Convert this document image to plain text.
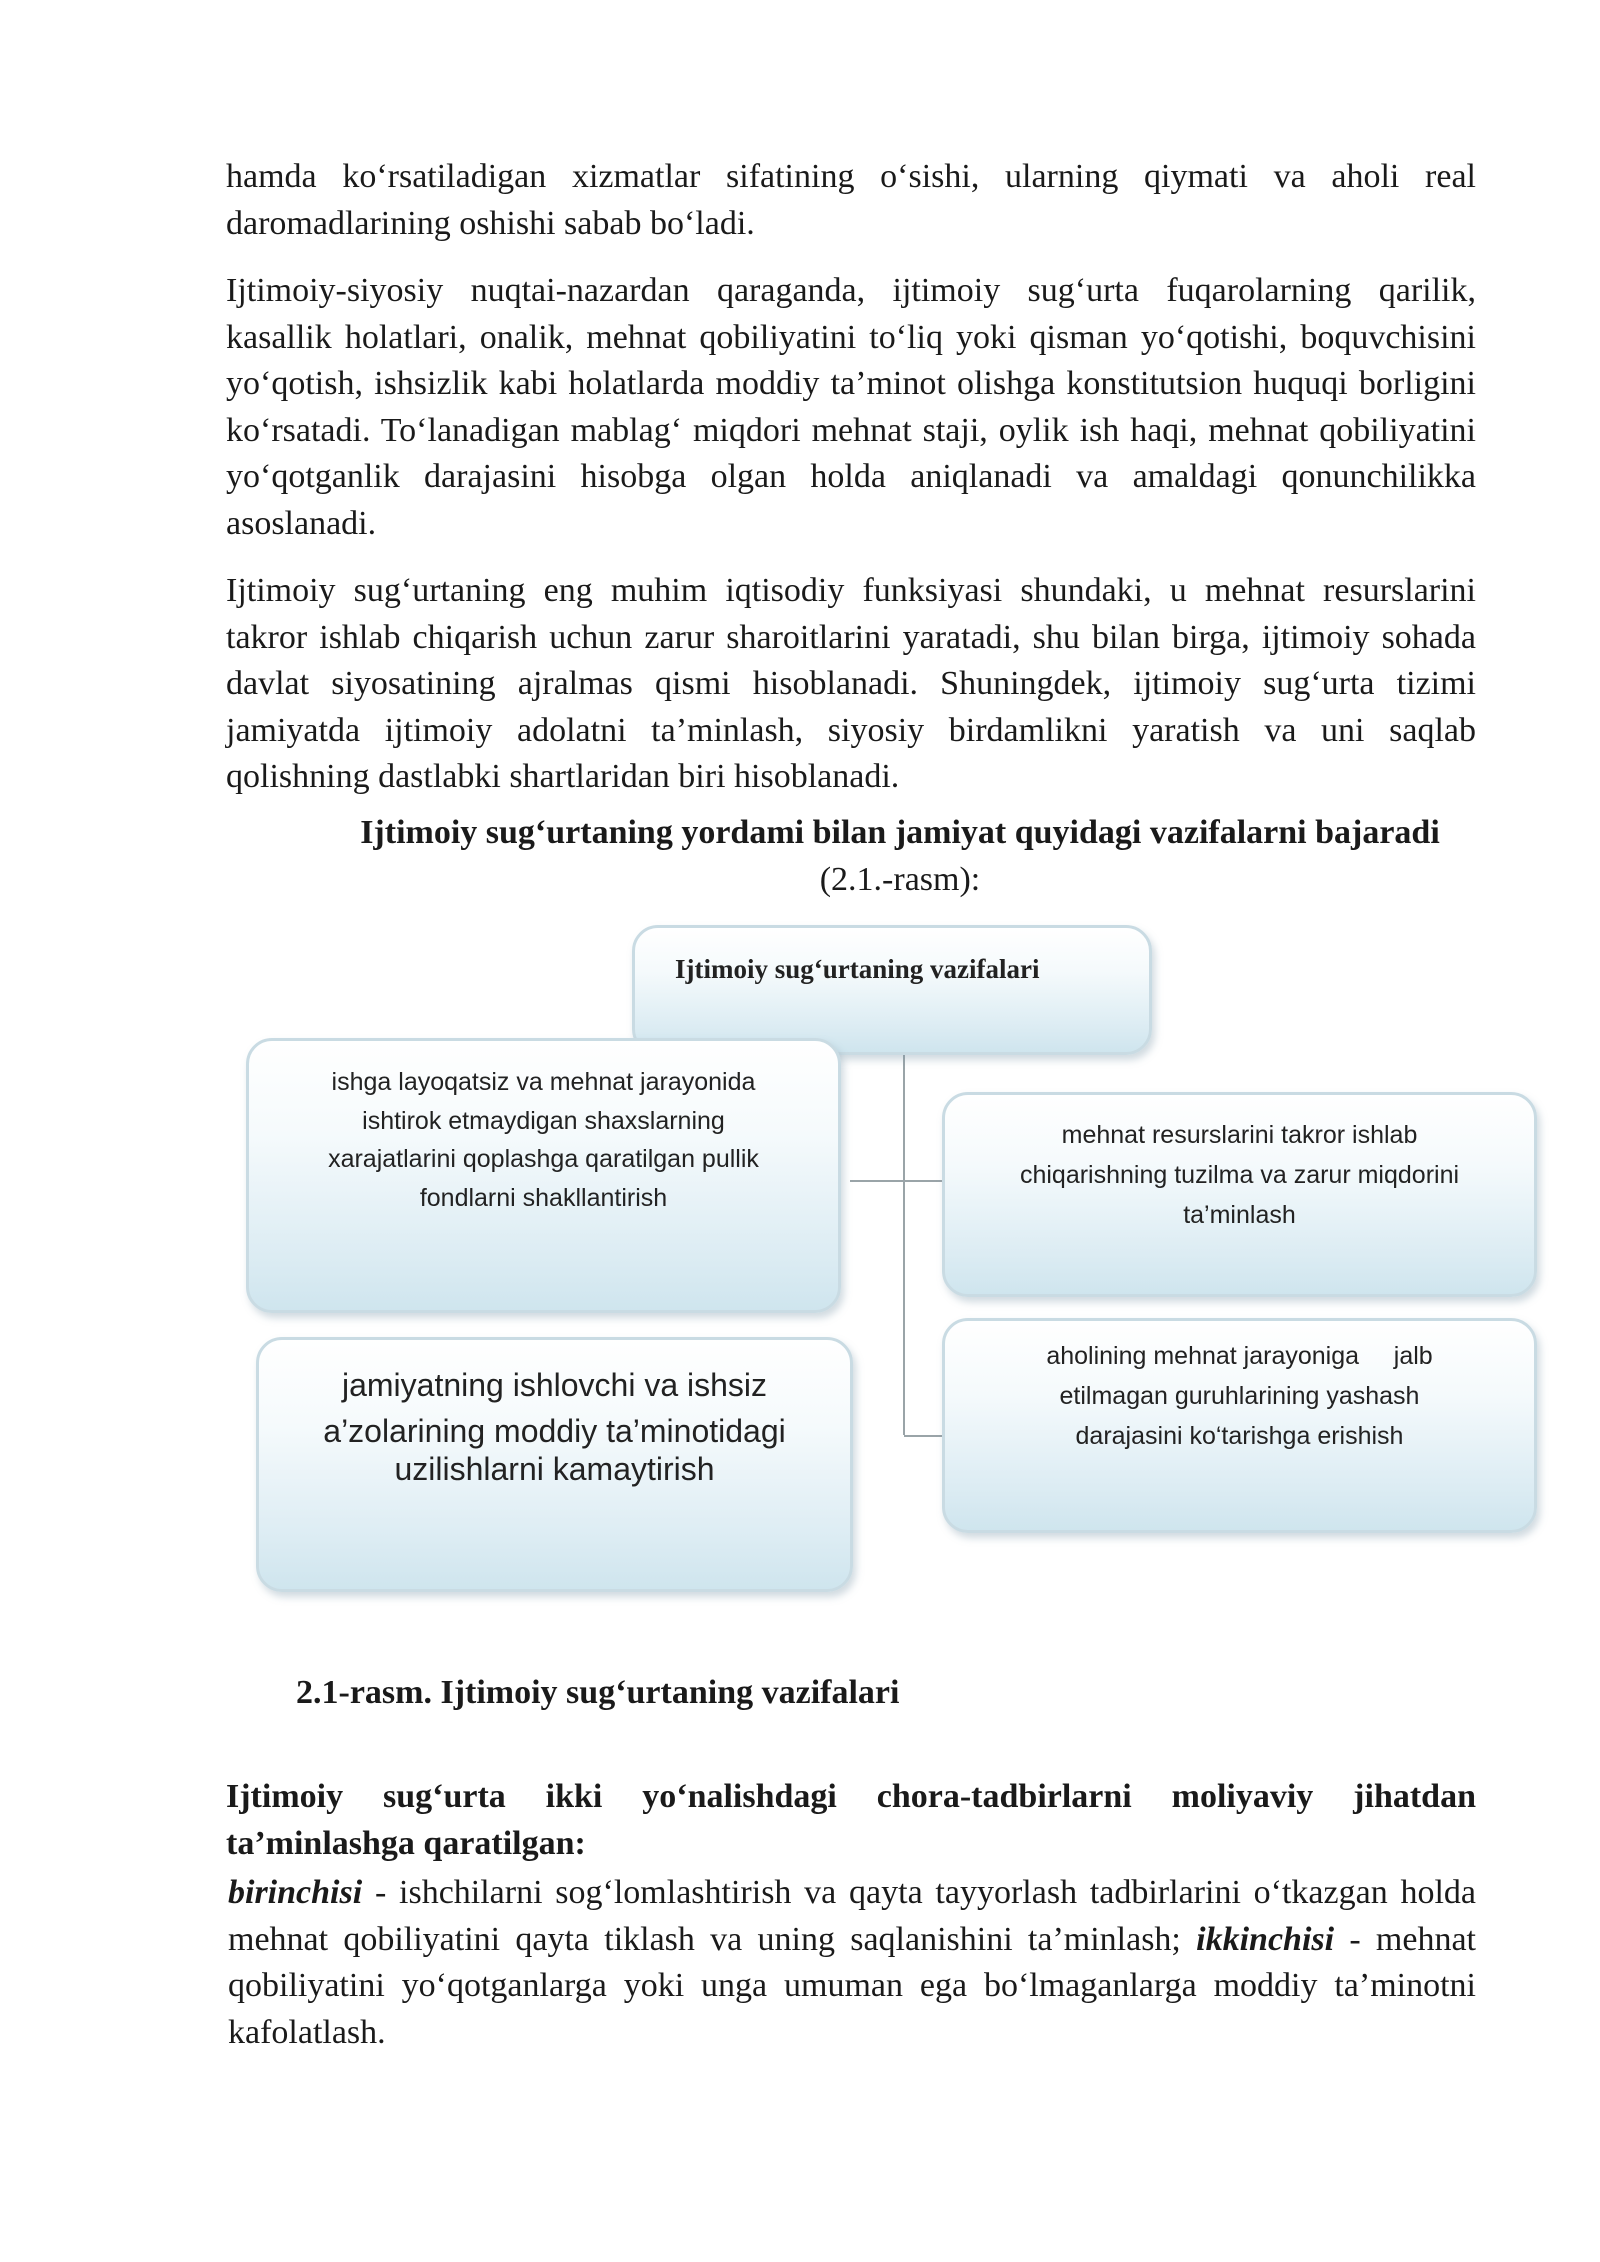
hamda ko‘rsatiladigan xizmatlar sifatining o‘sishi, ularning qiymati va aholi real daromadlarining oshishi sabab bo‘ladi.

Ijtimoiy-siyosiy nuqtai-nazardan qaraganda, ijtimoiy sug‘urta fuqarolarning qarilik, kasallik holatlari, onalik, mehnat qobiliyatini to‘liq yoki qisman yo‘qotishi, boquvchisini yo‘qotish, ishsizlik kabi holatlarda moddiy ta’minot olishga konstitutsion huquqi borligini ko‘rsatadi. To‘lanadigan mablag‘ miqdori mehnat staji, oylik ish haqi, mehnat qobiliyatini yo‘qotganlik darajasini hisobga olgan holda aniqlanadi va amaldagi qonunchilikka asoslanadi.

Ijtimoiy sug‘urtaning eng muhim iqtisodiy funksiyasi shundaki, u mehnat resurslarini takror ishlab chiqarish uchun zarur sharoitlarini yaratadi, shu bilan birga, ijtimoiy sohada davlat siyosatining ajralmas qismi hisoblanadi. Shuningdek, ijtimoiy sug‘urta tizimi jamiyatda ijtimoiy adolatni ta’minlash, siyosiy birdamlikni yaratish va uni saqlab qolishning dastlabki shartlaridan biri hisoblanadi.

Ijtimoiy sug‘urtaning yordami bilan jamiyat quyidagi vazifalarni bajaradi (2.1.-rasm):

Ijtimoiy sug‘urtaning vazifalari
ishga layoqatsiz va mehnat jarayonida
ishtirok etmaydigan shaxslarning
xarajatlarini qoplashga qaratilgan pullik
fondlarni shakllantirish
mehnat resurslarini takror ishlab
chiqarishning tuzilma va zarur miqdorini
ta’minlash
jamiyatning ishlovchi va ishsiz
a’zolarining moddiy ta’minotidagi
uzilishlarni kamaytirish
aholining mehnat jarayoniga     jalb
etilmagan guruhlarining yashash
darajasini ko‘tarishga erishish

2.1-rasm. Ijtimoiy sug‘urtaning vazifalari

Ijtimoiy sug‘urta ikki yo‘nalishdagi chora-tadbirlarni moliyaviy jihatdan ta’minlashga qaratilgan:

birinchisi - ishchilarni sog‘lomlashtirish va qayta tayyorlash tadbirlarini o‘tkazgan holda mehnat qobiliyatini qayta tiklash va uning saqlanishini ta’minlash; ikkinchisi - mehnat qobiliyatini yo‘qotganlarga yoki unga umuman ega bo‘lmaganlarga moddiy ta’minotni kafolatlash.
